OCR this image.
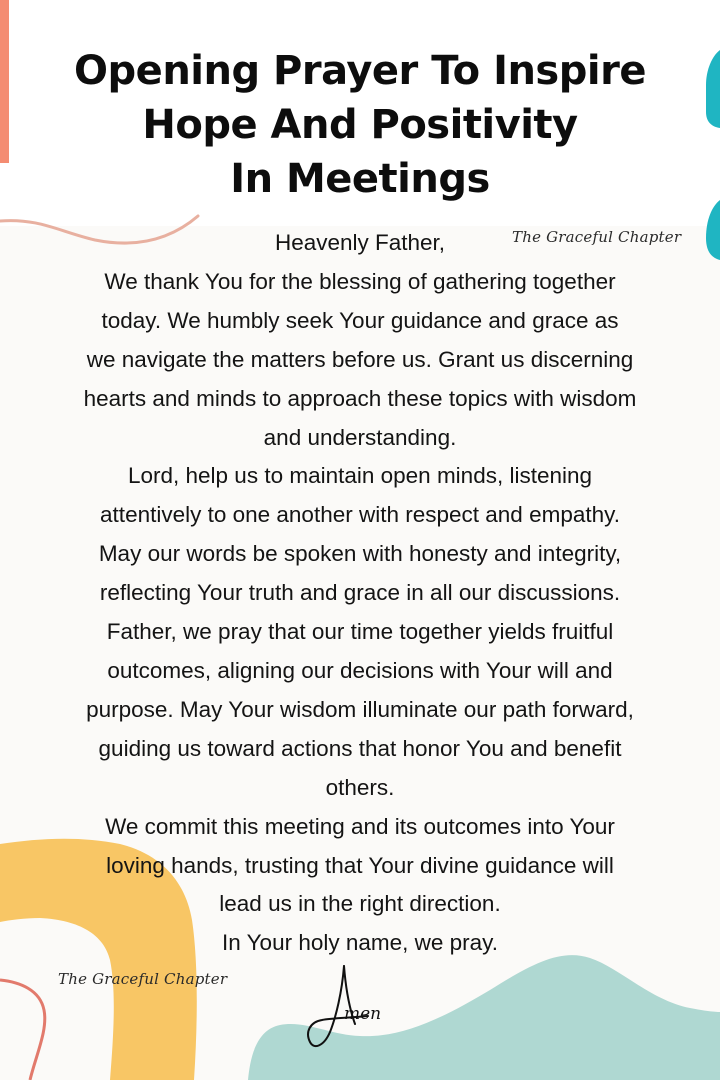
Opening Prayer To Inspire
Hope And Positivity
In Meetings
The Graceful Chapter
Heavenly Father,
We thank You for the blessing of gathering together
today. We humbly seek Your guidance and grace as
we navigate the matters before us. Grant us discerning
hearts and minds to approach these topics with wisdom
and understanding.
Lord, help us to maintain open minds, listening
attentively to one another with respect and empathy.
May our words be spoken with honesty and integrity,
reflecting Your truth and grace in all our discussions.
Father, we pray that our time together yields fruitful
outcomes, aligning our decisions with Your will and
purpose. May Your wisdom illuminate our path forward,
guiding us toward actions that honor You and benefit
others.
We commit this meeting and its outcomes into Your
loving hands, trusting that Your divine guidance will
lead us in the right direction.
In Your holy name, we pray.
The Graceful Chapter
men
